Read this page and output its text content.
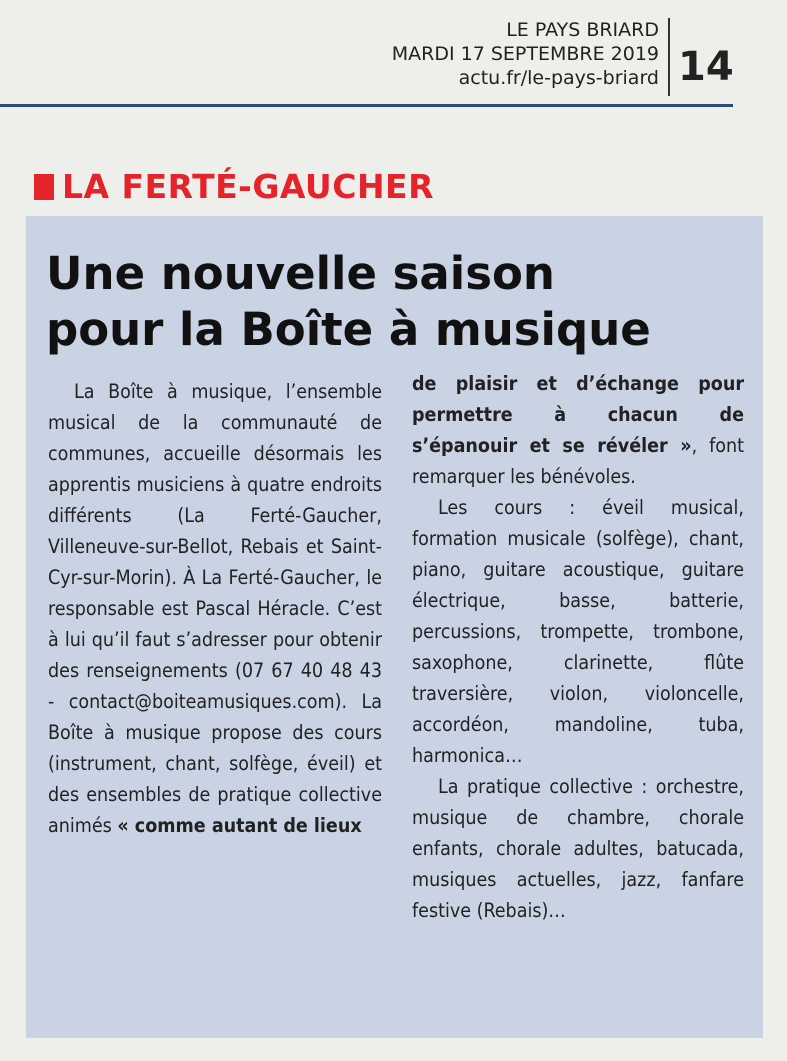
LE PAYS BRIARD
MARDI 17 SEPTEMBRE 2019
actu.fr/le-pays-briard 14
LA FERTÉ-GAUCHER
Une nouvelle saison
pour la Boîte à musique

La Boîte à musique, l’ensemble musical de la communauté de communes, accueille désormais les apprentis musiciens à quatre endroits différents (La Ferté-Gaucher, Villeneuve-sur-Bellot, Rebais et Saint-Cyr-sur-Morin). À La Ferté-Gaucher, le responsable est Pascal Héracle. C’est à lui qu’il faut s’adresser pour obtenir des renseignements (07 67 40 48 43 - contact@boiteamusiques.com). La Boîte à musique propose des cours (instrument, chant, solfège, éveil) et des ensembles de pratique collective animés « comme autant de lieux

de plaisir et d’échange pour permettre à chacun de s’épanouir et se révéler », font remarquer les bénévoles.

Les cours : éveil musical, formation musicale (solfège), chant, piano, guitare acoustique, guitare électrique, basse, batterie, percussions, trompette, trombone, saxophone, clarinette, flûte traversière, violon, violoncelle, accordéon, mandoline, tuba, harmonica…

La pratique collective : orchestre, musique de chambre, chorale enfants, chorale adultes, batucada, musiques actuelles, jazz, fanfare festive (Rebais)…
